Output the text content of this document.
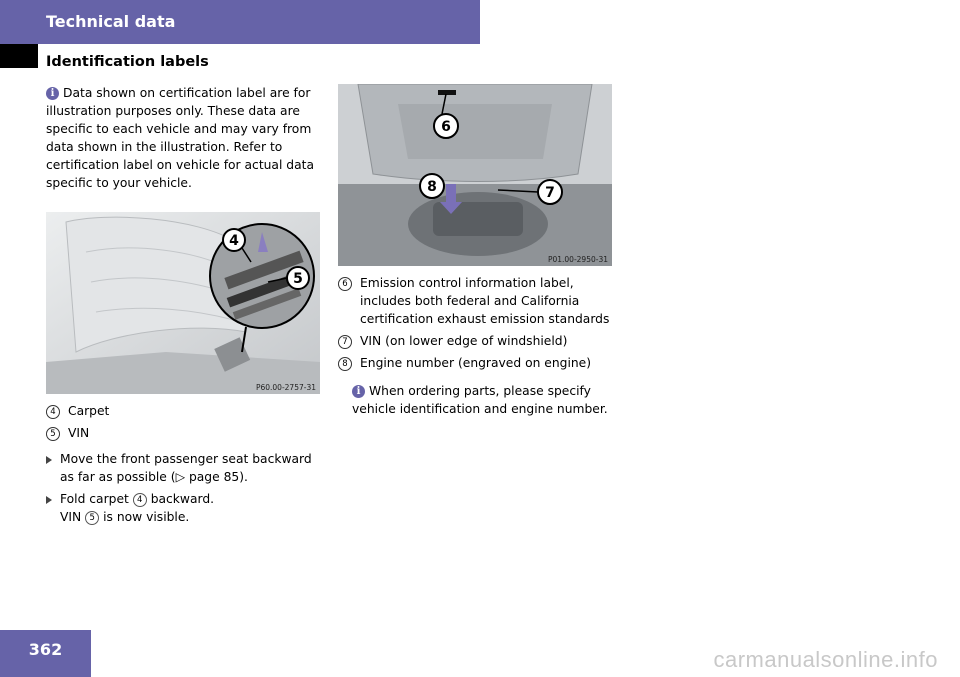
Technical data
Identification labels

i Data shown on certification label are for illustration purposes only. These data are specific to each vehicle and may vary from data shown in the illustration. Refer to certification label on vehicle for actual data specific to your vehicle.

4
5
P60.00-2757-31
4 Carpet
5 VIN
Move the front passenger seat backward as far as possible (▷ page 85).
Fold carpet 4 backward.
VIN 5 is now visible.
6
8	7
P01.00-2950-31
6 Emission control information label, includes both federal and California certification exhaust emission standards
7 VIN (on lower edge of windshield)
8 Engine number (engraved on engine)

i When ordering parts, please specify vehicle identification and engine number.

362	carmanualsonline.info
